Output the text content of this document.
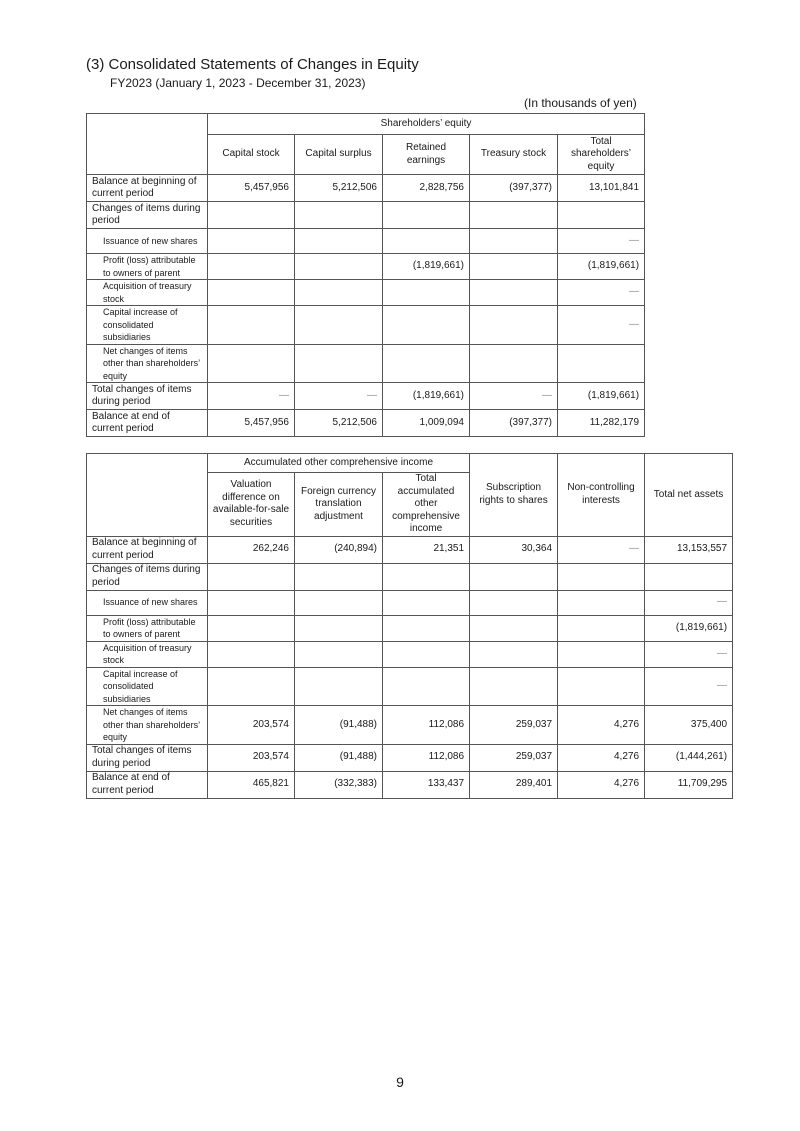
(3) Consolidated Statements of Changes in Equity

FY2023 (January 1, 2023 - December 31, 2023)

(In thousands of yen)
	Shareholders’ equity				
	Capital stock	Capital surplus	Retained earnings	Treasury stock	Total shareholders’ equity
Balance at beginning of current period	5,457,956	5,212,506	2,828,756	(397,377)	13,101,841
Changes of items during period					
Issuance of new shares					—
Profit (loss) attributable to owners of parent			(1,819,661)		(1,819,661)
Acquisition of treasury stock					—
Capital increase of consolidated subsidiaries					—
Net changes of items other than shareholders’ equity					
Total changes of items during period	—	—	(1,819,661)	—	(1,819,661)
Balance at end of current period	5,457,956	5,212,506	1,009,094	(397,377)	11,282,179
	Accumulated other comprehensive income			Subscription rights to shares	Non-controlling interests	Total net assets
	Valuation difference on available-for-sale securities	Foreign currency translation adjustment	Total accumulated other comprehensive income			
Balance at beginning of current period	262,246	(240,894)	21,351	30,364	—	13,153,557
Changes of items during period						
Issuance of new shares						—
Profit (loss) attributable to owners of parent						(1,819,661)
Acquisition of treasury stock						—
Capital increase of consolidated subsidiaries						—
Net changes of items other than shareholders’ equity	203,574	(91,488)	112,086	259,037	4,276	375,400
Total changes of items during period	203,574	(91,488)	112,086	259,037	4,276	(1,444,261)
Balance at end of current period	465,821	(332,383)	133,437	289,401	4,276	11,709,295
9
